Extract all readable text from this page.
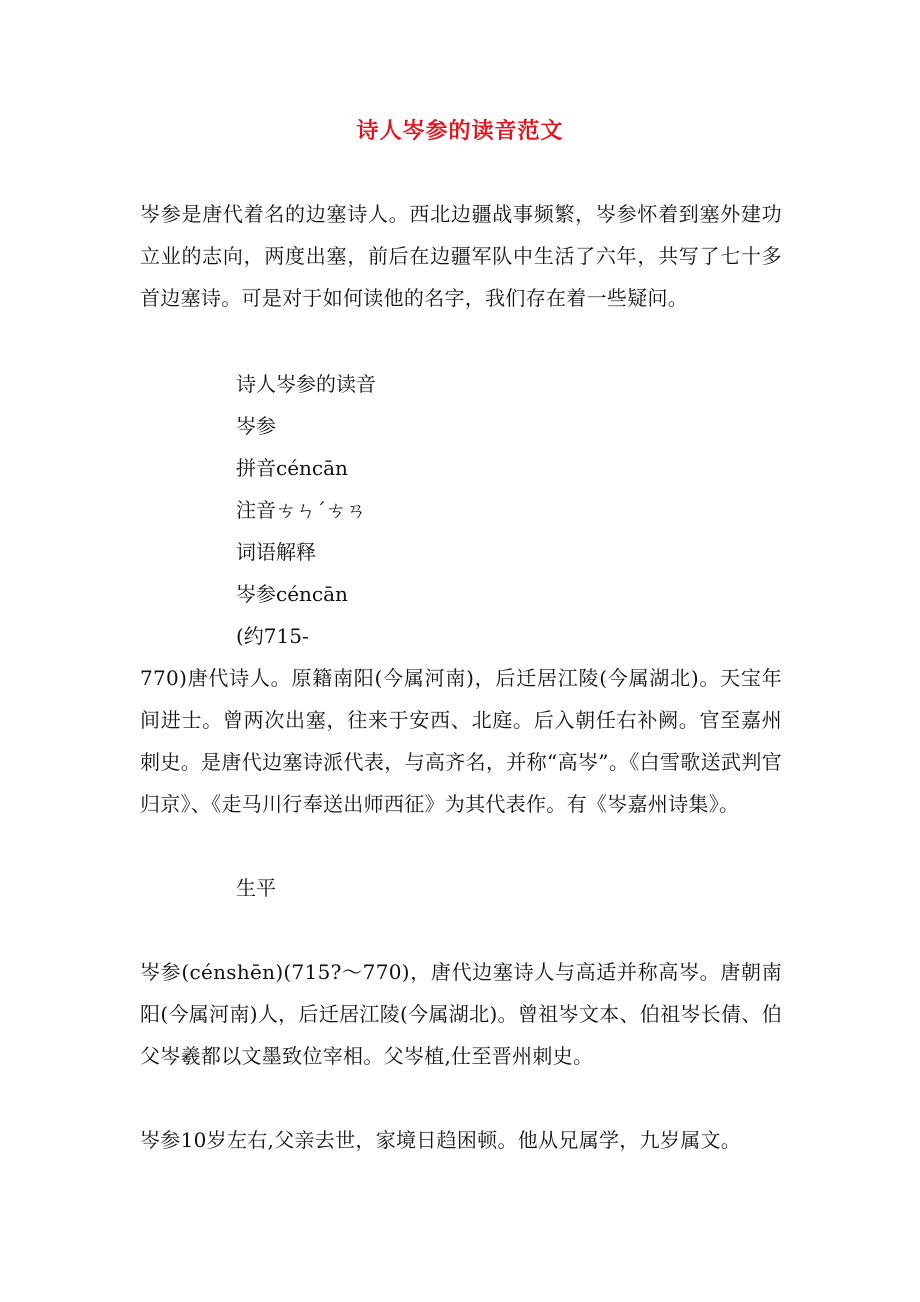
诗人岑参的读音范文
岑参是唐代着名的边塞诗人。西北边疆战事频繁，岑参怀着到塞外建功立业的志向，两度出塞，前后在边疆军队中生活了六年，共写了七十多首边塞诗。可是对于如何读他的名字，我们存在着一些疑问。
诗人岑参的读音
岑参
拼音céncān
注音ㄘㄣˊㄘㄢ
词语解释
岑参céncān
(约715-
770)唐代诗人。原籍南阳(今属河南)，后迁居江陵(今属湖北)。天宝年间进士。曾两次出塞，往来于安西、北庭。后入朝任右补阙。官至嘉州刺史。是唐代边塞诗派代表，与高齐名，并称“高岑”。《白雪歌送武判官归京》、《走马川行奉送出师西征》为其代表作。有《岑嘉州诗集》。
生平
岑参(cénshēn)(715?～770)，唐代边塞诗人与高适并称高岑。唐朝南阳(今属河南)人，后迁居江陵(今属湖北)。曾祖岑文本、伯祖岑长倩、伯父岑羲都以文墨致位宰相。父岑植,仕至晋州刺史。
岑参10岁左右,父亲去世，家境日趋困顿。他从兄属学，九岁属文。
